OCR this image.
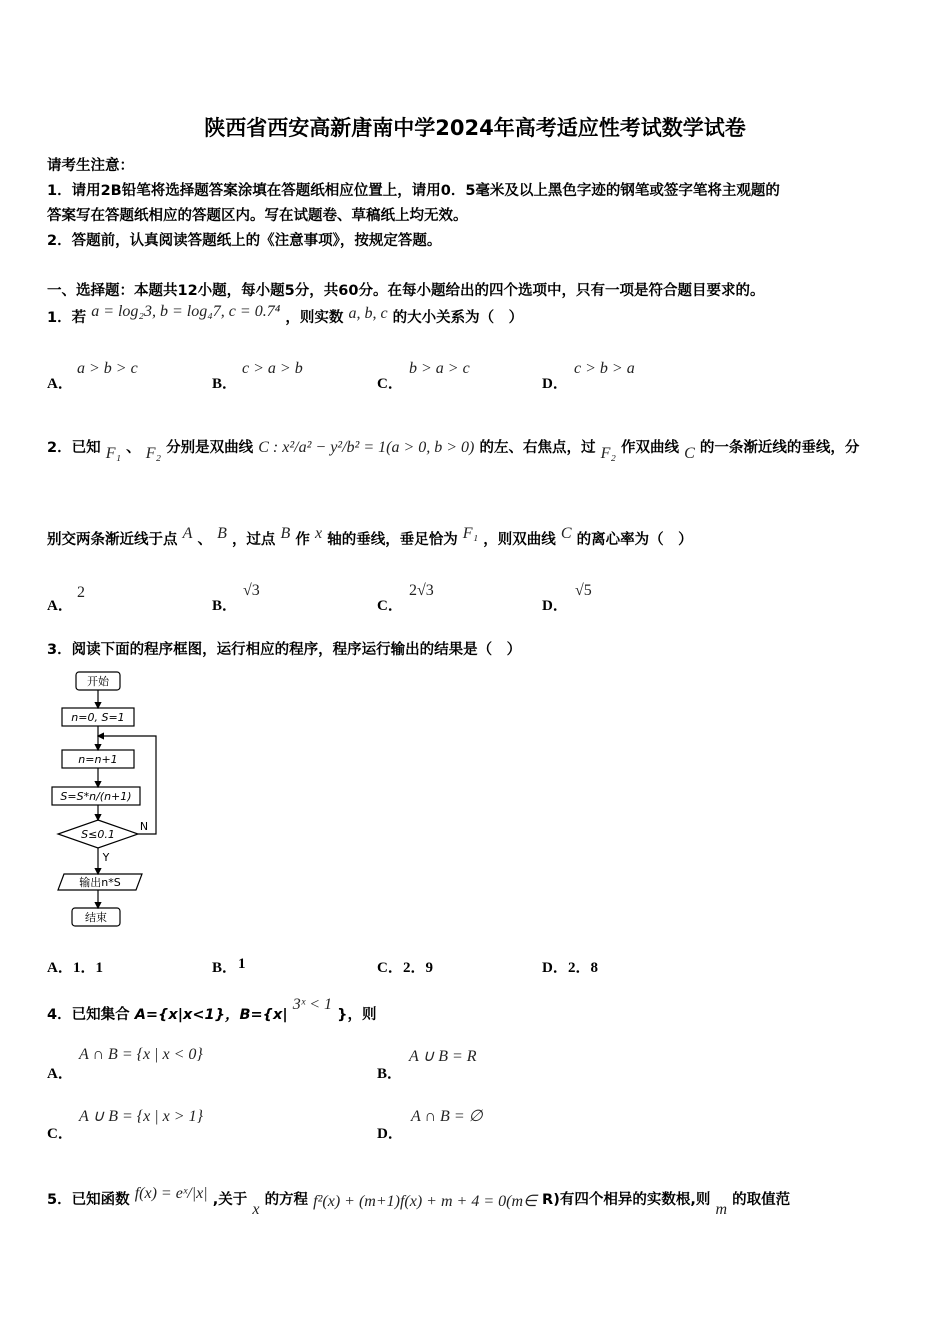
陕西省西安高新唐南中学2024年高考适应性考试数学试卷
请考生注意：
1．请用2B铅笔将选择题答案涂填在答题纸相应位置上，请用0．5毫米及以上黑色字迹的钢笔或签字笔将主观题的
答案写在答题纸相应的答题区内。写在试题卷、草稿纸上均无效。
2．答题前，认真阅读答题纸上的《注意事项》，按规定答题。
一、选择题：本题共12小题，每小题5分，共60分。在每小题给出的四个选项中，只有一项是符合题目要求的。
1．若 a = log₂3, b = log₄7, c = 0.7⁴ ，则实数 a, b, c 的大小关系为（　）
A．
a > b > c
B．
c > a > b
C．
b > a > c
D．
c > b > a
2．已知 F₁ 、 F₂ 分别是双曲线 C : x²/a² − y²/b² = 1(a > 0, b > 0) 的左、右焦点，过 F₂ 作双曲线 C 的一条渐近线的垂线，分
别交两条渐近线于点 A 、 B ，过点 B 作 x 轴的垂线，垂足恰为 F₁ ，则双曲线 C 的离心率为（　）
A．
2
B．
√3
C．
2√3
D．
√5
3．阅读下面的程序框图，运行相应的程序，程序运行输出的结果是（　）
开始
n=0, S=1
n=n+1
S=S*n/(n+1)
S≤0.1
N
Y
输出n*S
结束
A． 1．1	B． 1	C． 2．9	D． 2．8
4．已知集合 A={x|x<1}，B={x| 3ˣ < 1 }，则
A．
A ∩ B = {x | x < 0}
B．
A ∪ B = R
C．
A ∪ B = {x | x > 1}
D．
A ∩ B = ∅
5．已知函数 f(x) = eˣ/|x| ,关于 x 的方程 f²(x) + (m+1)f(x) + m + 4 = 0(m∈ R)有四个相异的实数根,则 m 的取值范
